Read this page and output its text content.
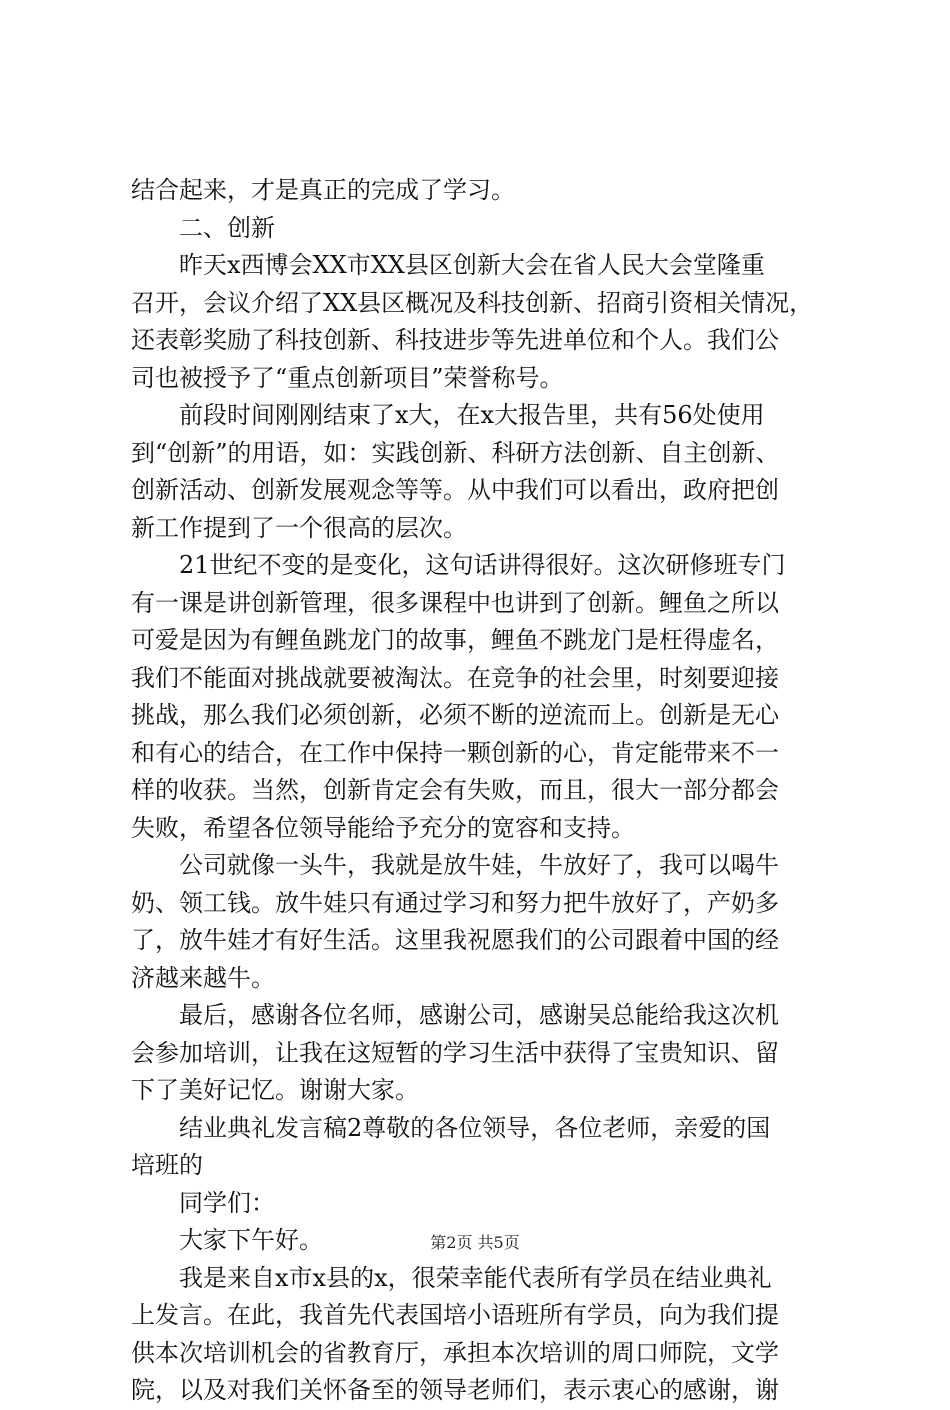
结合起来，才是真正的完成了学习。
二、创新
昨天x西博会XX市XX县区创新大会在省人民大会堂隆重
召开，会议介绍了XX县区概况及科技创新、招商引资相关情况，
还表彰奖励了科技创新、科技进步等先进单位和个人。我们公
司也被授予了“重点创新项目”荣誉称号。
前段时间刚刚结束了x大，在x大报告里，共有56处使用
到“创新”的用语，如：实践创新、科研方法创新、自主创新、
创新活动、创新发展观念等等。从中我们可以看出，政府把创
新工作提到了一个很高的层次。
21世纪不变的是变化，这句话讲得很好。这次研修班专门
有一课是讲创新管理，很多课程中也讲到了创新。鲤鱼之所以
可爱是因为有鲤鱼跳龙门的故事，鲤鱼不跳龙门是枉得虚名，
我们不能面对挑战就要被淘汰。在竞争的社会里，时刻要迎接
挑战，那么我们必须创新，必须不断的逆流而上。创新是无心
和有心的结合，在工作中保持一颗创新的心，肯定能带来不一
样的收获。当然，创新肯定会有失败，而且，很大一部分都会
失败，希望各位领导能给予充分的宽容和支持。
公司就像一头牛，我就是放牛娃，牛放好了，我可以喝牛
奶、领工钱。放牛娃只有通过学习和努力把牛放好了，产奶多
了，放牛娃才有好生活。这里我祝愿我们的公司跟着中国的经
济越来越牛。
最后，感谢各位名师，感谢公司，感谢吴总能给我这次机
会参加培训，让我在这短暂的学习生活中获得了宝贵知识、留
下了美好记忆。谢谢大家。
结业典礼发言稿2尊敬的各位领导，各位老师，亲爱的国
培班的
同学们：
大家下午好。
我是来自x市x县的x，很荣幸能代表所有学员在结业典礼
上发言。在此，我首先代表国培小语班所有学员，向为我们提
供本次培训机会的省教育厅，承担本次培训的周口师院，文学
院，以及对我们关怀备至的领导老师们，表示衷心的感谢，谢
第2页 共5页
